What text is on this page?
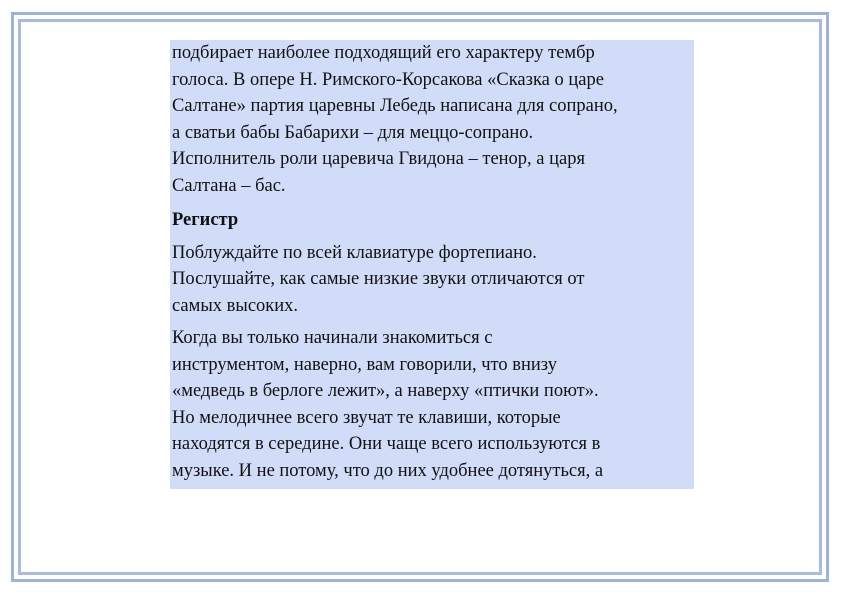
подбирает наиболее подходящий его характеру тембр
голоса. В опере Н. Римского-Корсакова «Сказка о царе
Салтане» партия царевны Лебедь написана для сопрано,
а сватьи бабы Бабарихи – для меццо-сопрано.
Исполнитель роли царевича Гвидона – тенор, а царя
Салтана – бас.

Регистр

Поблуждайте по всей клавиатуре фортепиано.
Послушайте, как самые низкие звуки отличаются от
самых высоких.

Когда вы только начинали знакомиться с
инструментом, наверно, вам говорили, что внизу
«медведь в берлоге лежит», а наверху «птички поют».
Но мелодичнее всего звучат те клавиши, которые
находятся в середине. Они чаще всего используются в
музыке. И не потому, что до них удобнее дотянуться, а
